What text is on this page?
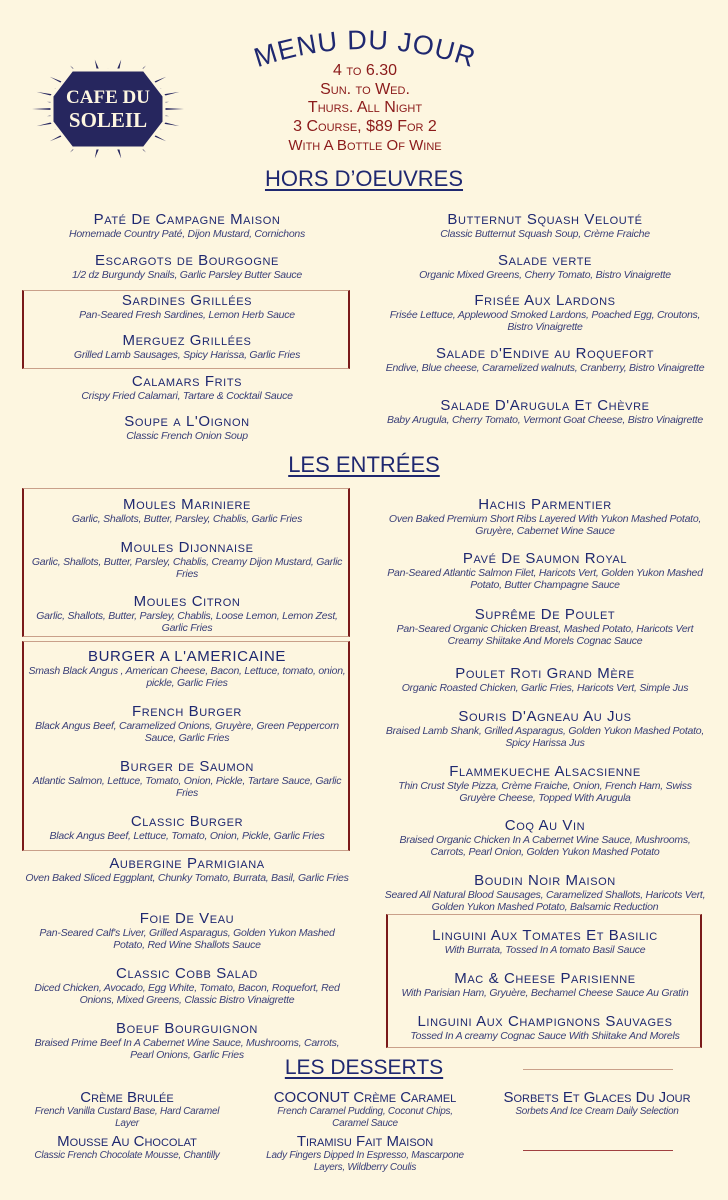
CAFE DU
SOLEIL
MENU DU JOUR
4 to 6.30
Sun. to Wed.
Thurs. All Night
3 Course, $89 For 2
With A Bottle Of Wine
HORS D’OEUVRES
LES ENTRÉES
LES DESSERTS
Paté De Campagne Maison
Homemade Country Paté, Dijon Mustard, Cornichons
Escargots de Bourgogne
1/2 dz Burgundy Snails, Garlic Parsley Butter Sauce
Sardines Grillées
Pan-Seared Fresh Sardines, Lemon Herb Sauce
Merguez Grillées
Grilled Lamb Sausages, Spicy Harissa, Garlic Fries
Calamars Frits
Crispy Fried Calamari, Tartare & Cocktail Sauce
Soupe a L'Oignon
Classic French Onion Soup
Butternut Squash Velouté
Classic Butternut Squash Soup, Crème Fraiche
Salade verte
Organic Mixed Greens, Cherry Tomato, Bistro Vinaigrette
Frisée Aux Lardons
Frisée Lettuce, Applewood Smoked Lardons, Poached Egg, Croutons, Bistro Vinaigrette
Salade d'Endive au Roquefort
Endive, Blue cheese, Caramelized walnuts, Cranberry, Bistro Vinaigrette
Salade D'Arugula Et Chèvre
Baby Arugula, Cherry Tomato, Vermont Goat Cheese, Bistro Vinaigrette
Moules Mariniere
Garlic, Shallots, Butter, Parsley, Chablis, Garlic Fries
Moules Dijonnaise
Garlic, Shallots, Butter, Parsley, Chablis, Creamy Dijon Mustard, Garlic Fries
Moules Citron
Garlic, Shallots, Butter, Parsley, Chablis, Loose Lemon, Lemon Zest, Garlic Fries
BURGER A L'AMERICAINE
Smash Black Angus , American Cheese, Bacon, Lettuce, tomato, onion, pickle, Garlic Fries
French Burger
Black Angus Beef, Caramelized Onions, Gruyère, Green Peppercorn Sauce, Garlic Fries
Burger de Saumon
Atlantic Salmon, Lettuce, Tomato, Onion, Pickle, Tartare Sauce, Garlic Fries
Classic Burger
Black Angus Beef, Lettuce, Tomato, Onion, Pickle, Garlic Fries
Aubergine Parmigiana
Oven Baked Sliced Eggplant, Chunky Tomato, Burrata, Basil, Garlic Fries
Foie De Veau
Pan-Seared Calf's Liver, Grilled Asparagus, Golden Yukon Mashed Potato, Red Wine Shallots Sauce
Classic Cobb Salad
Diced Chicken, Avocado, Egg White, Tomato, Bacon, Roquefort, Red Onions, Mixed Greens, Classic Bistro Vinaigrette
Boeuf Bourguignon
Braised Prime Beef In A Cabernet Wine Sauce, Mushrooms, Carrots, Pearl Onions, Garlic Fries
Hachis Parmentier
Oven Baked Premium Short Ribs Layered With Yukon Mashed Potato, Gruyère, Cabernet Wine Sauce
Pavé De Saumon Royal
Pan-Seared Atlantic Salmon Filet, Haricots Vert, Golden Yukon Mashed Potato, Butter Champagne Sauce
Suprême De Poulet
Pan-Seared Organic Chicken Breast, Mashed Potato, Haricots Vert Creamy Shiitake And Morels Cognac Sauce
Poulet Roti Grand Mère
Organic Roasted Chicken, Garlic Fries, Haricots Vert, Simple Jus
Souris D'Agneau Au Jus
Braised Lamb Shank, Grilled Asparagus, Golden Yukon Mashed Potato, Spicy Harissa Jus
Flammekueche Alsacsienne
Thin Crust Style Pizza, Crème Fraiche, Onion, French Ham, Swiss Gruyère Cheese, Topped With Arugula
Coq Au Vin
Braised Organic Chicken In A Cabernet Wine Sauce, Mushrooms, Carrots, Pearl Onion, Golden Yukon Mashed Potato
Boudin Noir Maison
Seared All Natural Blood Sausages, Caramelized Shallots, Haricots Vert, Golden Yukon Mashed Potato, Balsamic Reduction
Linguini Aux Tomates Et Basilic
With Burrata, Tossed In A tomato Basil Sauce
Mac & Cheese Parisienne
With Parisian Ham, Gryuère, Bechamel Cheese Sauce Au Gratin
Linguini Aux Champignons Sauvages
Tossed In A creamy Cognac Sauce With Shiitake And Morels
Crème Brulée
French Vanilla Custard Base, Hard Caramel Layer
Mousse Au Chocolat
Classic French Chocolate Mousse, Chantilly
COCONUT Crème Caramel
French Caramel Pudding, Coconut Chips, Caramel Sauce
Tiramisu Fait Maison
Lady Fingers Dipped In Espresso, Mascarpone Layers, Wildberry Coulis
Sorbets Et Glaces Du Jour
Sorbets And Ice Cream Daily Selection
